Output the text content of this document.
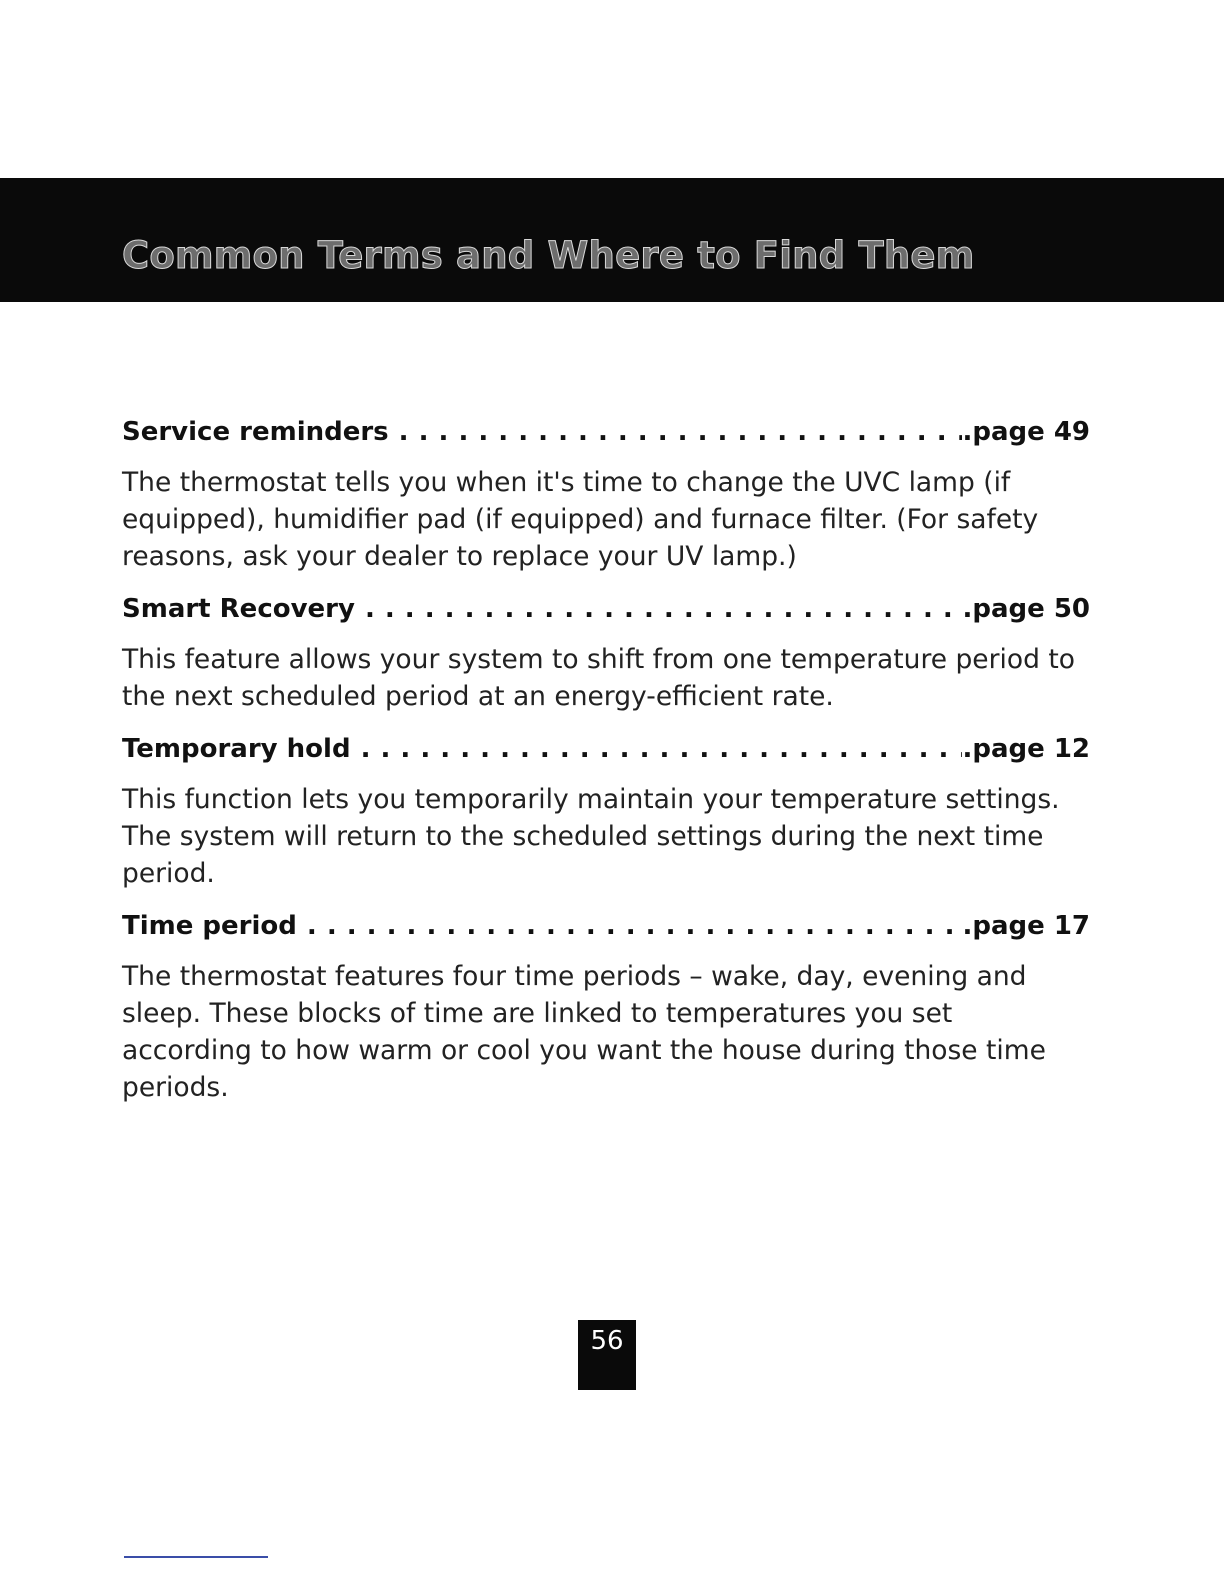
Common Terms and Where to Find Them
Service reminders . . .	.page 49

The thermostat tells you when it's time to change the UVC lamp (if equipped), humidifier pad (if equipped) and furnace filter. (For safety reasons, ask your dealer to replace your UV lamp.)

Smart Recovery . . .	.page 50

This feature allows your system to shift from one temperature period to the next scheduled period at an energy-efficient rate.

Temporary hold . . .	.page 12

This function lets you temporarily maintain your temperature settings. The system will return to the scheduled settings during the next time period.

Time period . . .	.page 17

The thermostat features four time periods – wake, day, evening and sleep. These blocks of time are linked to temperatures you set according to how warm or cool you want the house during those time periods.

56
